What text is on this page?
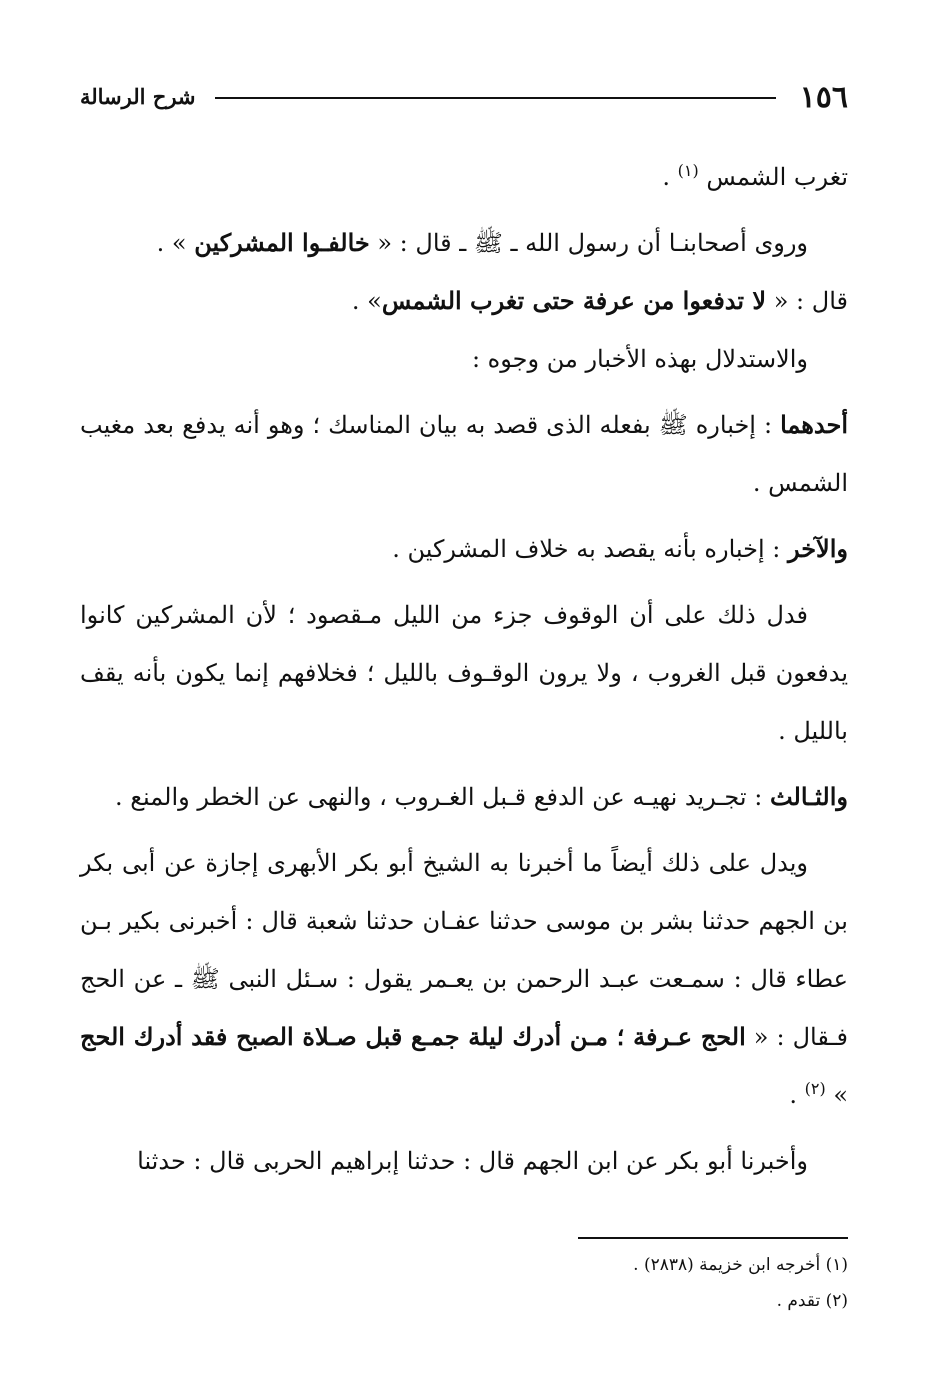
١٥٦
شرح الرسالة

تغرب الشمس $^{(١)}$ .

وروى أصحابنـا أن رسول الله ـ ﷺ ـ قال : « خالفـوا المشركين » .

قال : « لا تدفعوا من عرفة حتى تغرب الشمس» .

والاستدلال بهذه الأخبار من وجوه :

أحدهما : إخباره ﷺ بفعله الذى قصد به بيان المناسك ؛ وهو أنه يدفع بعد مغيب الشمس .

والآخر : إخباره بأنه يقصد به خلاف المشركين .

فدل ذلك على أن الوقوف جزء من الليل مـقصود ؛ لأن المشركين كانوا يدفعون قبل الغروب ، ولا يرون الوقـوف بالليل ؛ فخلافهم إنما يكون بأنه يقف بالليل .

والثـالث : تجـريد نهيـه عن الدفع قـبل الغـروب ، والنهى عن الخطر والمنع .

ويدل على ذلك أيضاً ما أخبرنا به الشيخ أبو بكر الأبهرى إجازة عن أبى بكر بن الجهم حدثنا بشر بن موسى حدثنا عفـان حدثنا شعبة قال : أخبرنى بكير بـن عطاء قال : سمـعت عبـد الرحمن بن يعـمر يقول : سـئل النبى ﷺ ـ عن الحج فـقال : « الحج عـرفة ؛ مـن أدرك ليلة جمـع قبل صـلاة الصبح فقد أدرك الحج » $^{(٢)}$ .

وأخبرنا أبو بكر عن ابن الجهم قال : حدثنا إبراهيم الحربى قال : حدثنا

(١) أخرجه ابن خزيمة (٢٨٣٨) .

(٢) تقدم .
